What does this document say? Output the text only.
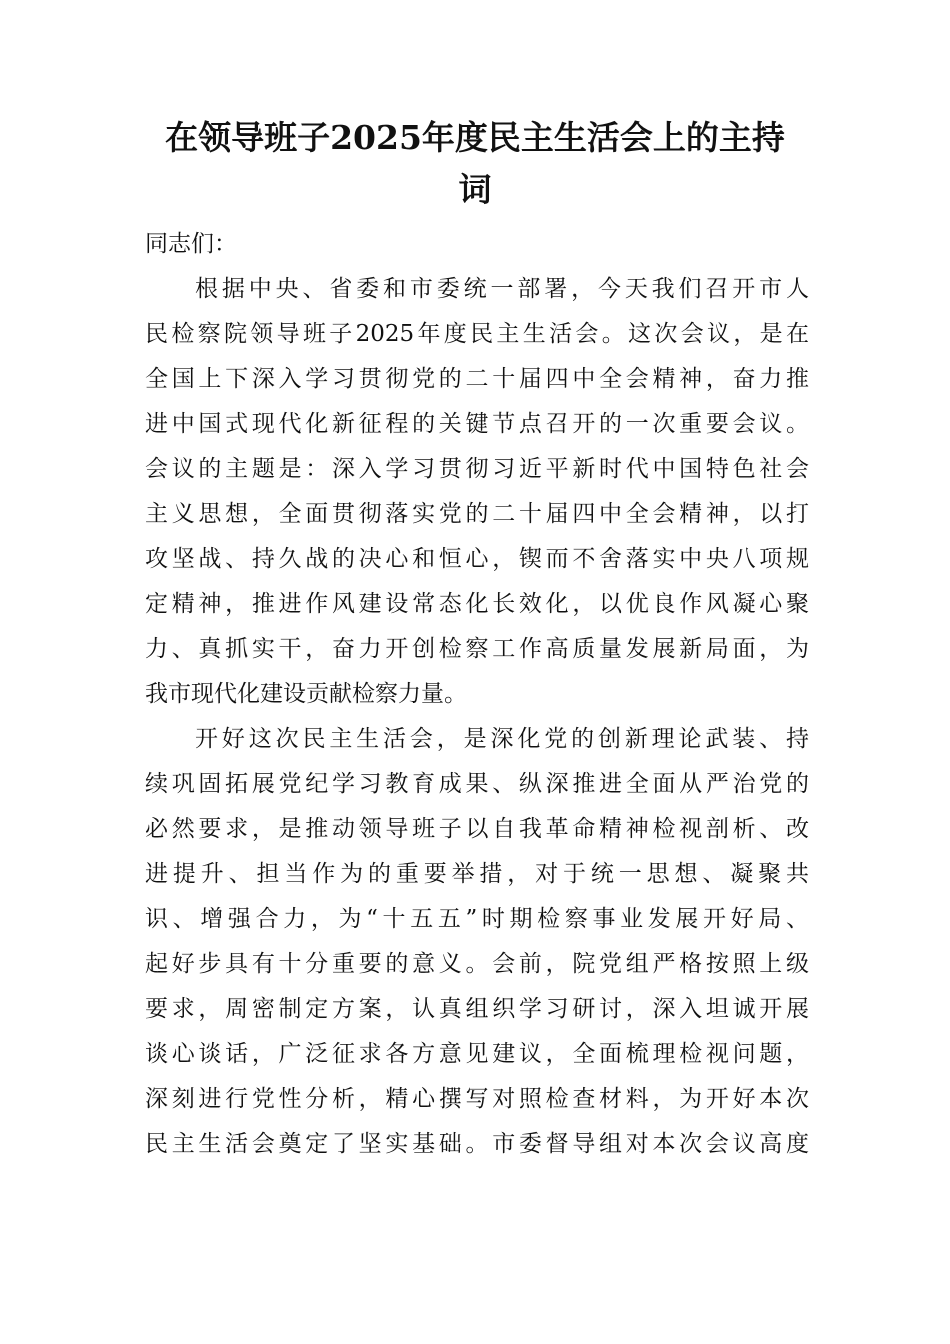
在领导班子2025年度民主生活会上的主持
词

同志们：

根据中央、省委和市委统一部署，今天我们召开市人
民检察院领导班子2025年度民主生活会。这次会议，是在
全国上下深入学习贯彻党的二十届四中全会精神，奋力推
进中国式现代化新征程的关键节点召开的一次重要会议。
会议的主题是：深入学习贯彻习近平新时代中国特色社会
主义思想，全面贯彻落实党的二十届四中全会精神，以打
攻坚战、持久战的决心和恒心，锲而不舍落实中央八项规
定精神，推进作风建设常态化长效化，以优良作风凝心聚
力、真抓实干，奋力开创检察工作高质量发展新局面，为
我市现代化建设贡献检察力量。

开好这次民主生活会，是深化党的创新理论武装、持
续巩固拓展党纪学习教育成果、纵深推进全面从严治党的
必然要求，是推动领导班子以自我革命精神检视剖析、改
进提升、担当作为的重要举措，对于统一思想、凝聚共
识、增强合力，为“十五五”时期检察事业发展开好局、
起好步具有十分重要的意义。会前，院党组严格按照上级
要求，周密制定方案，认真组织学习研讨，深入坦诚开展
谈心谈话，广泛征求各方意见建议，全面梳理检视问题，
深刻进行党性分析，精心撰写对照检查材料，为开好本次
民主生活会奠定了坚实基础。市委督导组对本次会议高度
